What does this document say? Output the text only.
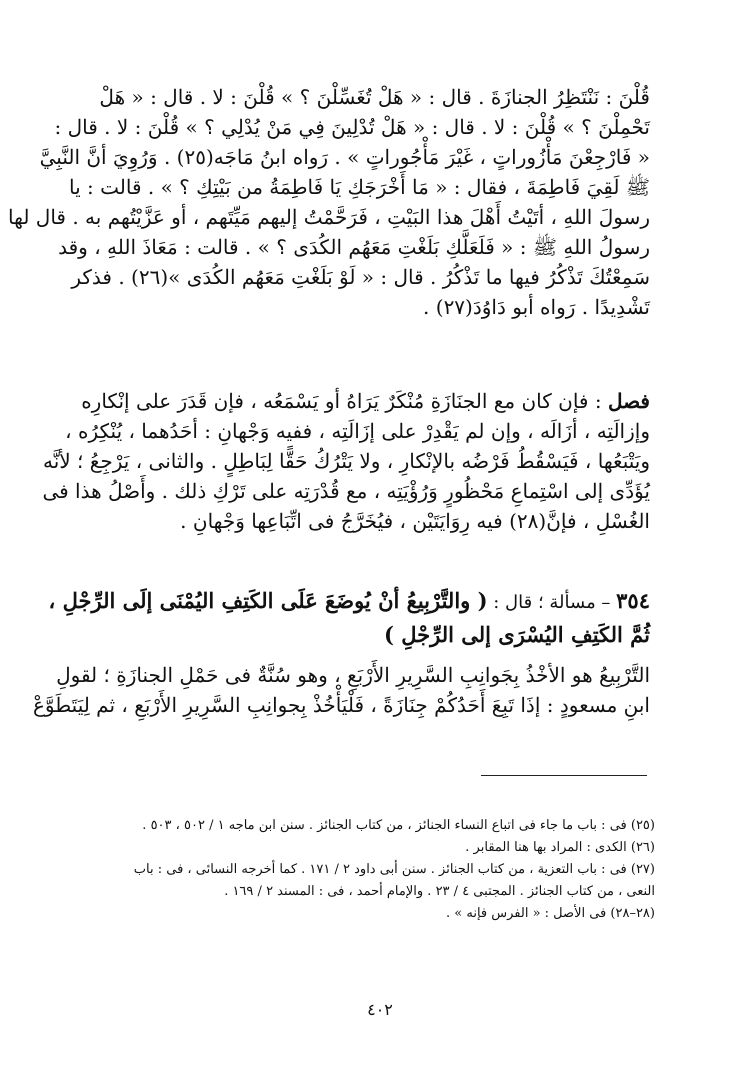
قُلْنَ : نَنْتَظِرُ الجنازَةَ . قال : « هَلْ تُغَسِّلْنَ ؟ » قُلْنَ : لا . قال : « هَلْ
تَحْمِلْنَ ؟ » قُلْنَ : لا . قال : « هَلْ تُدْلِينَ فِي مَنْ يُدْلِي ؟ » قُلْنَ : لا . قال :
« فَارْجِعْنَ مَأْزُوراتٍ ، غَيْرَ مَأْجُوراتٍ » . رَواه ابنُ مَاجَه(٢٥) . وَرُوِيَ أنَّ النَّبِيَّ
ﷺ لَقِيَ فَاطِمَةَ ، فقال : « مَا أَخْرَجَكِ يَا فَاطِمَةُ من بَيْتِكِ ؟ » . قالت : يا
رسولَ اللهِ ، أتَيْتُ أَهْلَ هذا البَيْتِ ، فَرَحَّمْتُ إليهم مَيِّتَهم ، أو عَزَّيْتُهم به . قال لها
رسولُ اللهِ ﷺ : « فَلَعَلَّكِ بَلَغْتِ مَعَهُم الكُدَى ؟ » . قالت : مَعَاذَ اللهِ ، وقد
سَمِعْتُكَ تَذْكُرُ فيها ما تَذْكُرُ . قال : « لَوْ بَلَغْتِ مَعَهُم الكُدَى »(٢٦) . فذكر
تَشْدِيدًا . رَواه أبو دَاوُدَ(٢٧) .
فصل : فإن كان مع الجنَازَةِ مُنْكَرٌ يَرَاهُ أو يَسْمَعُه ، فإن قَدَرَ على إنْكارِه
وإزالَتِه ، أزَالَه ، وإن لم يَقْدِرْ على إزَالَتِه ، ففيه وَجْهانِ : أحَدُهما ، يُنْكِرُه ،
ويَتْبَعُها ، فَيَسْقُطُ فَرْضُه بالإنْكارِ ، ولا يَتْرُكُ حَقًّا لِبَاطِلٍ . والثانى ، يَرْجِعُ ؛ لأنَّه
يُؤَدِّى إلى اسْتِماعِ مَحْظُورٍ وَرُؤْيَتِه ، مع قُدْرَتِه على تَرْكِ ذلك . وأَصْلُ هذا فى
الغُسْلِ ، فإنَّ(٢٨) فيه رِوَايَتَيْن ، فيُخَرَّجُ فى اتِّبَاعِها وَجْهانِ .
٣٥٤ – مسألة ؛ قال : ( والتَّرْبِيعُ أنْ يُوضَعَ عَلَى الكَتِفِ اليُمْنَى إلَى الرِّجْلِ ،
ثُمَّ الكَتِفِ اليُسْرَى إلى الرِّجْلِ )
التَّرْبِيعُ هو الأخْذُ بِجَوانِبِ السَّرِيرِ الأَرْبَعِ ، وهو سُنَّةٌ فى حَمْلِ الجنازَةِ ؛ لقولِ
ابنِ مسعودٍ : إذَا تَبِعَ أَحَدُكُمْ جِنَازَةً ، فَلْيَأْخُذْ بِجوانِبِ السَّرِيرِ الأَرْبَعِ ، ثم لِيَتَطَوَّعْ
(٢٥) فى : باب ما جاء فى اتباع النساء الجنائز ، من كتاب الجنائز . سنن ابن ماجه ١ / ٥٠٢ ، ٥٠٣ .
(٢٦) الكدى : المراد بها هنا المقابر .
(٢٧) فى : باب التعزية ، من كتاب الجنائز . سنن أبى داود ٢ / ١٧١ . كما أخرجه النسائى ، فى : باب
النعى ، من كتاب الجنائز . المجتبى ٤ / ٢٣ . والإمام أحمد ، فى : المسند ٢ / ١٦٩ .
(٢٨–٢٨) فى الأصل : « الفرس فإنه » .
٤٠٢
